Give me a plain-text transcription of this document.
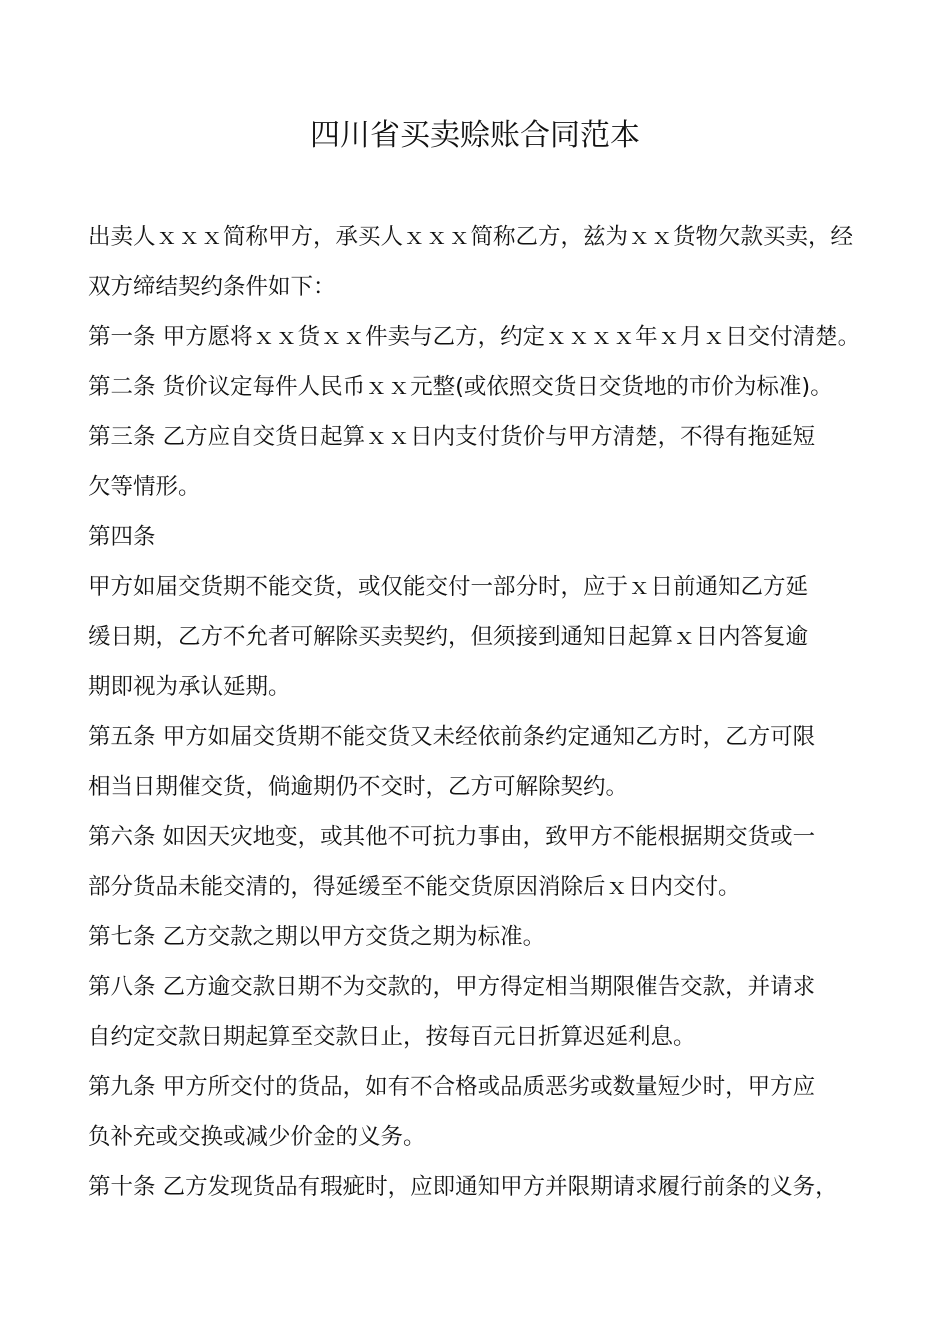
四川省买卖赊账合同范本
出卖人ｘｘｘ简称甲方，承买人ｘｘｘ简称乙方，兹为ｘｘ货物欠款买卖，经
双方缔结契约条件如下：
第一条 甲方愿将ｘｘ货ｘｘ件卖与乙方，约定ｘｘｘｘ年ｘ月ｘ日交付清楚。
第二条 货价议定每件人民币ｘｘ元整(或依照交货日交货地的市价为标准)。
第三条 乙方应自交货日起算ｘｘ日内支付货价与甲方清楚，不得有拖延短
欠等情形。
第四条
甲方如届交货期不能交货，或仅能交付一部分时，应于ｘ日前通知乙方延
缓日期，乙方不允者可解除买卖契约，但须接到通知日起算ｘ日内答复逾
期即视为承认延期。
第五条 甲方如届交货期不能交货又未经依前条约定通知乙方时，乙方可限
相当日期催交货，倘逾期仍不交时，乙方可解除契约。
第六条 如因天灾地变，或其他不可抗力事由，致甲方不能根据期交货或一
部分货品未能交清的，得延缓至不能交货原因消除后ｘ日内交付。
第七条 乙方交款之期以甲方交货之期为标准。
第八条 乙方逾交款日期不为交款的，甲方得定相当期限催告交款，并请求
自约定交款日期起算至交款日止，按每百元日折算迟延利息。
第九条 甲方所交付的货品，如有不合格或品质恶劣或数量短少时，甲方应
负补充或交换或减少价金的义务。
第十条 乙方发现货品有瑕疵时，应即通知甲方并限期请求履行前条的义务，
